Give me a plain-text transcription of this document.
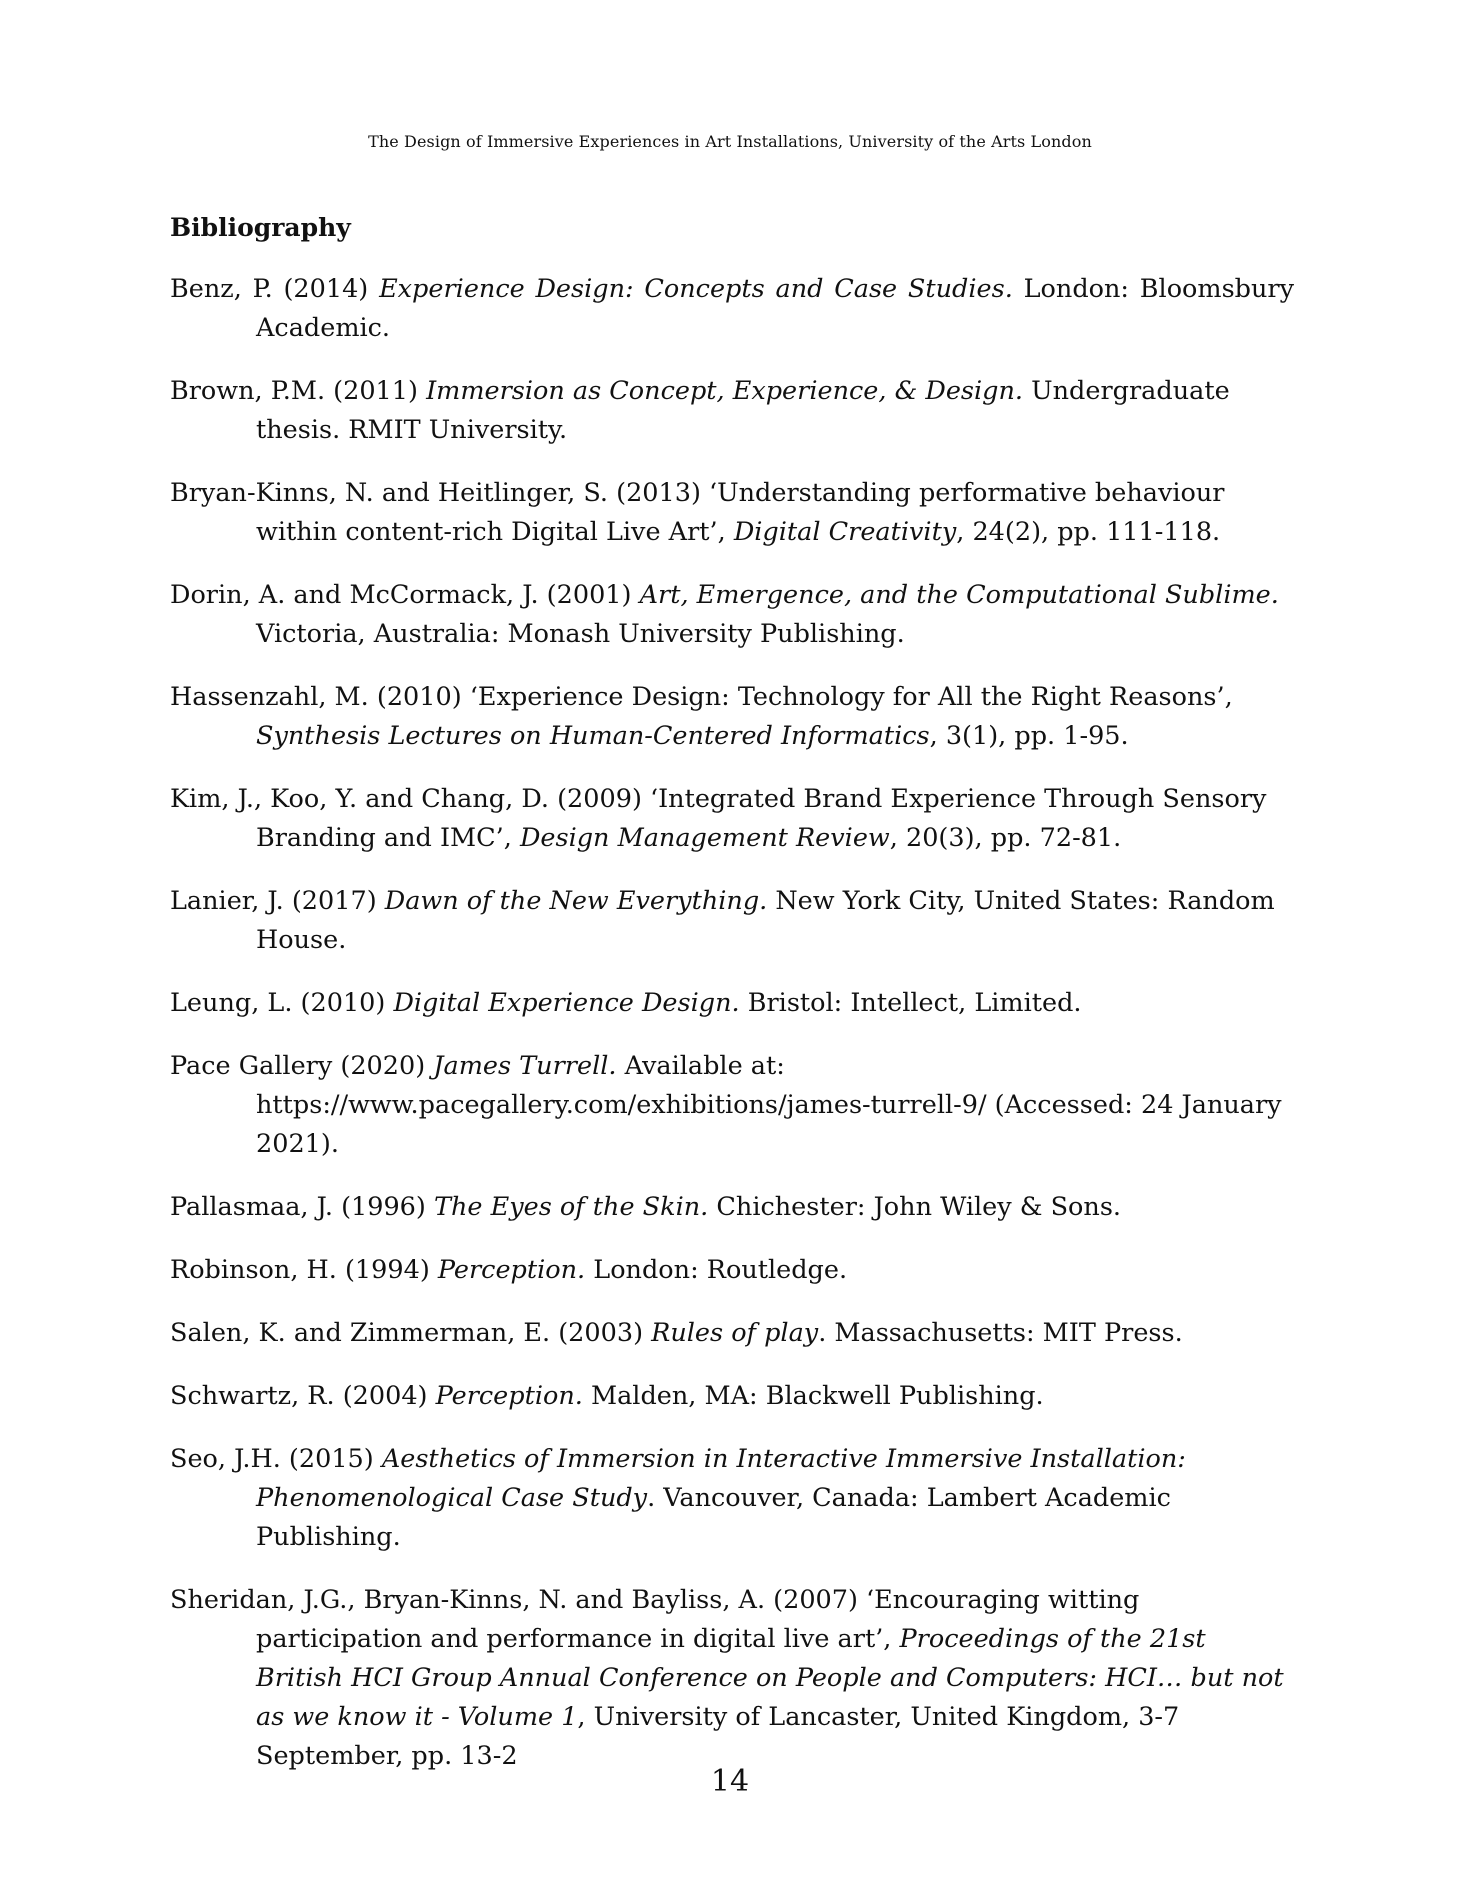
The Design of Immersive Experiences in Art Installations, University of the Arts London
Bibliography
Benz, P. (2014) Experience Design: Concepts and Case Studies. London: Bloomsbury Academic.
Brown, P.M. (2011) Immersion as Concept, Experience, & Design. Undergraduate thesis. RMIT University.
Bryan-Kinns, N. and Heitlinger, S. (2013) ‘Understanding performative behaviour within content-rich Digital Live Art’, Digital Creativity, 24(2), pp. 111-118.
Dorin, A. and McCormack, J. (2001) Art, Emergence, and the Computational Sublime. Victoria, Australia: Monash University Publishing.
Hassenzahl, M. (2010) ‘Experience Design: Technology for All the Right Reasons’, Synthesis Lectures on Human-Centered Informatics, 3(1), pp. 1-95.
Kim, J., Koo, Y. and Chang, D. (2009) ‘Integrated Brand Experience Through Sensory Branding and IMC’, Design Management Review, 20(3), pp. 72-81.
Lanier, J. (2017) Dawn of the New Everything. New York City, United States: Random House.
Leung, L. (2010) Digital Experience Design. Bristol: Intellect, Limited.
Pace Gallery (2020) James Turrell. Available at: https://www.pacegallery.com/exhibitions/james-turrell-9/ (Accessed: 24 January 2021).
Pallasmaa, J. (1996) The Eyes of the Skin. Chichester: John Wiley & Sons.
Robinson, H. (1994) Perception. London: Routledge.
Salen, K. and Zimmerman, E. (2003) Rules of play. Massachusetts: MIT Press.
Schwartz, R. (2004) Perception. Malden, MA: Blackwell Publishing.
Seo, J.H. (2015) Aesthetics of Immersion in Interactive Immersive Installation: Phenomenological Case Study. Vancouver, Canada: Lambert Academic Publishing.
Sheridan, J.G., Bryan-Kinns, N. and Bayliss, A. (2007) ‘Encouraging witting participation and performance in digital live art’, Proceedings of the 21st British HCI Group Annual Conference on People and Computers: HCI… but not as we know it - Volume 1, University of Lancaster, United Kingdom, 3-7 September, pp. 13-2
14
